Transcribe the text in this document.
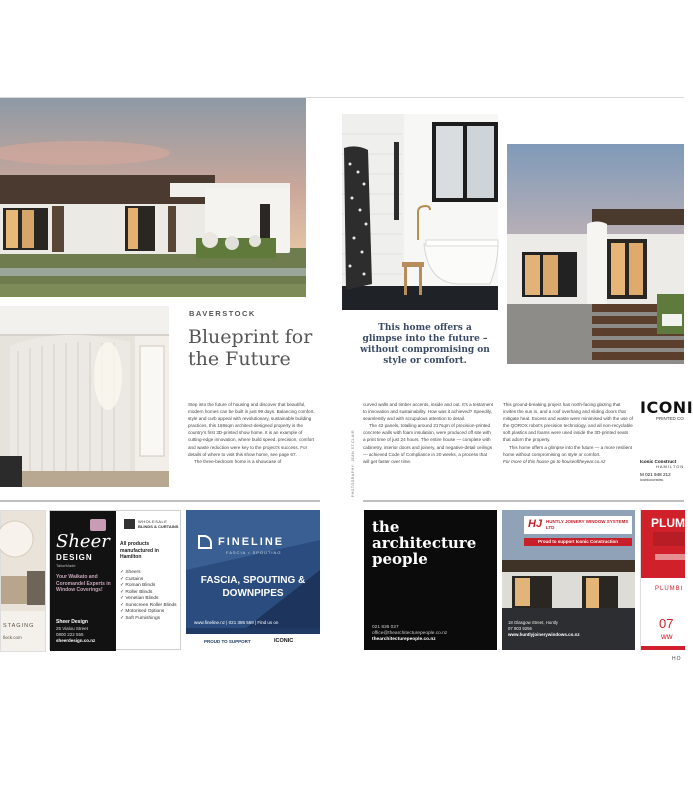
BAVERSTOCK
Blueprint for the Future
This home offers a glimpse into the future – without compromising on style or comfort.
Step into the future of housing and discover that beautiful, modern homes can be built in just 99 days. Balancing comfort, style and curb appeal with revolutionary, sustainable building practices, this 168sqm architect-designed property is the country's first 3D-printed show home. It is an example of cutting-edge innovation, where build speed, precision, comfort and waste reduction were key to the project's success. For details of where to visit this show home, see page 67.
The three-bedroom home is a showcase of	PHOTOGRAPHY: JEAN ST.CLAIR
curved walls and timber accents, inside and out. It's a testament to innovation and sustainability. How was it achieved? Speedily, seamlessly and with scrupulous attention to detail.
The 42 panels, totalling around 217sqm of precision-printed concrete walls with foam insulation, were produced off site with a print time of just 24 hours. The entire house — complete with cabinetry, interior doors and joinery, and negative-detail ceilings — achieved Code of Compliance in 20 weeks, a process that will get faster over time.
This ground-breaking project has north-facing glazing that invites the sun in, and a roof overhang and sliding doors that mitigate heat. Excess and waste were minimised with the use of the QOROX robot's precision technology, and all non-recyclable soft plastics and foams were used inside the 3D-printed seats that adorn the property.
This home offers a glimpse into the future — a more resilient home without compromising on style or comfort.
For more of this house go to houseoftheyear.co.nz
ICONI
PRINTED CO
Iconic Construct
HAMILTON
M 021 948 212
iconicconstru
STAGING
llock.com
Sheer
DESIGN
TailorMade
Your Waikato and Coromandel Experts in Window Coverings!
Sheer Design
25 Vialou Street
0800 222 555
sheerdesign.co.nz
WHOLESALE
BLINDS & CURTAINS
All products manufactured in Hamilton
✓ Sheers
✓ Curtains
✓ Roman Blinds
✓ Roller Blinds
✓ Venetian Blinds
✓ Sunscreen Roller Blinds
✓ Motorised Options
✓ Soft Furnishings
FINELINE
FASCIA • SPOUTING
FASCIA, SPOUTING & DOWNPIPES
www.fineline.nz | 021 385 569 | Find us on
PROUD TO SUPPORT	ICONIC
the
architecture
people
021 836 027
office@thearchitecturepeople.co.nz
thearchitecturepeople.co.nz
HJ HUNTLY JOINERY WINDOW SYSTEMS LTD
Proud to support Iconic Construction
18 Glasgow Street, Huntly
07 903 9256
www.huntlyjoinerywindows.co.nz
PLUM
PLUMBI
07
ww
HO
